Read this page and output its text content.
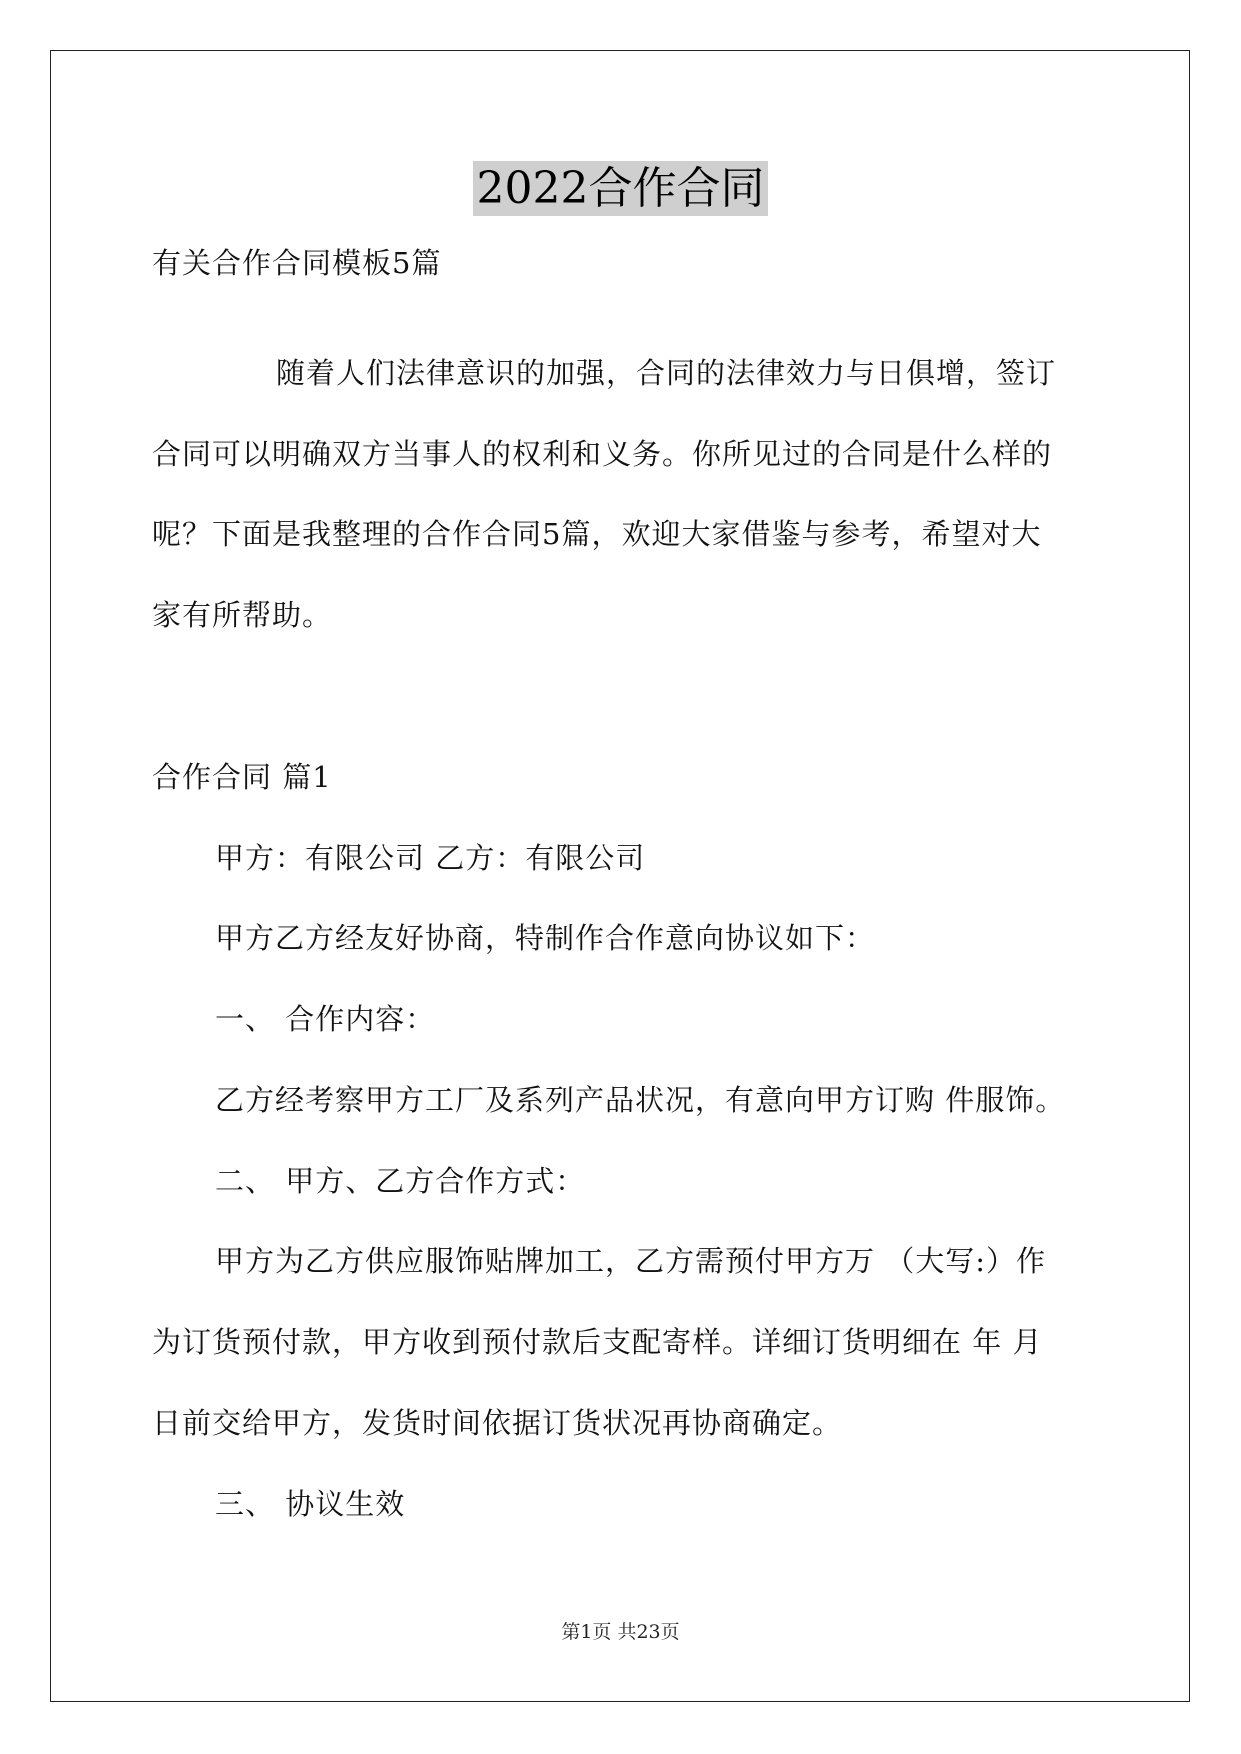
2022合作合同
有关合作合同模板5篇
随着人们法律意识的加强，合同的法律效力与日俱增，签订
合同可以明确双方当事人的权利和义务。你所见过的合同是什么样的
呢？下面是我整理的合作合同5篇，欢迎大家借鉴与参考，希望对大
家有所帮助。
合作合同 篇1
甲方：有限公司 乙方：有限公司
甲方乙方经友好协商，特制作合作意向协议如下：
一、 合作内容：
乙方经考察甲方工厂及系列产品状况，有意向甲方订购 件服饰。
二、 甲方、乙方合作方式：
甲方为乙方供应服饰贴牌加工，乙方需预付甲方万 （大写:）作
为订货预付款，甲方收到预付款后支配寄样。详细订货明细在 年 月
日前交给甲方，发货时间依据订货状况再协商确定。
三、 协议生效
第1页 共23页
